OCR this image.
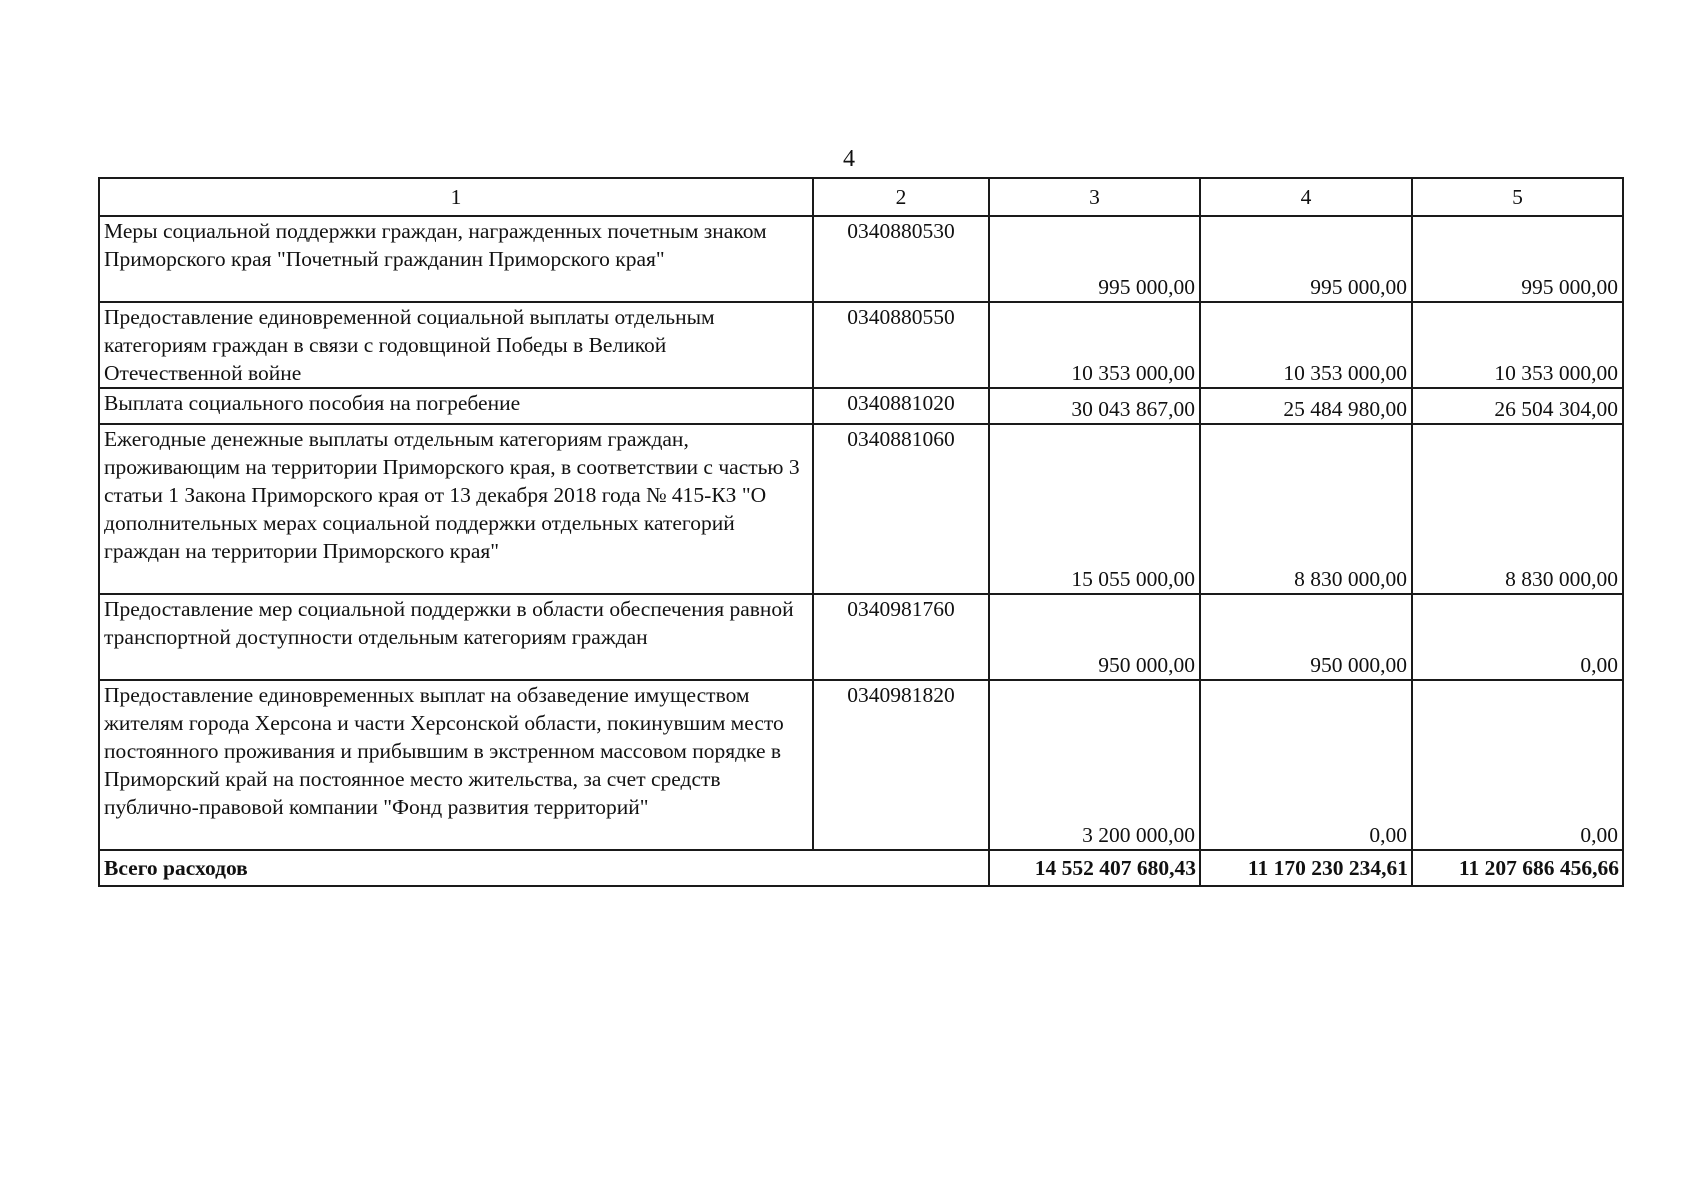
4
1	2	3	4	5
Меры социальной поддержки граждан, награжденных почетным знаком Приморского края "Почетный гражданин Приморского края"	0340880530	995 000,00	995 000,00	995 000,00
Предоставление единовременной социальной выплаты отдельным категориям граждан в связи с годовщиной Победы в Великой Отечественной войне	0340880550	10 353 000,00	10 353 000,00	10 353 000,00
Выплата социального пособия на погребение	0340881020	30 043 867,00	25 484 980,00	26 504 304,00
Ежегодные денежные выплаты отдельным категориям граждан, проживающим на территории Приморского края, в соответствии с частью 3 статьи 1 Закона Приморского края от 13 декабря 2018 года № 415-КЗ "О дополнительных мерах социальной поддержки отдельных категорий граждан на территории Приморского края"	0340881060	15 055 000,00	8 830 000,00	8 830 000,00
Предоставление мер социальной поддержки в области обеспечения равной транспортной доступности отдельным категориям граждан	0340981760	950 000,00	950 000,00	0,00
Предоставление единовременных выплат на обзаведение имуществом жителям города Херсона и части Херсонской области, покинувшим место постоянного проживания и прибывшим в экстренном массовом порядке в Приморский край на постоянное место жительства, за счет средств публично-правовой компании "Фонд развития территорий"	0340981820	3 200 000,00	0,00	0,00
Всего расходов		14 552 407 680,43	11 170 230 234,61	11 207 686 456,66
